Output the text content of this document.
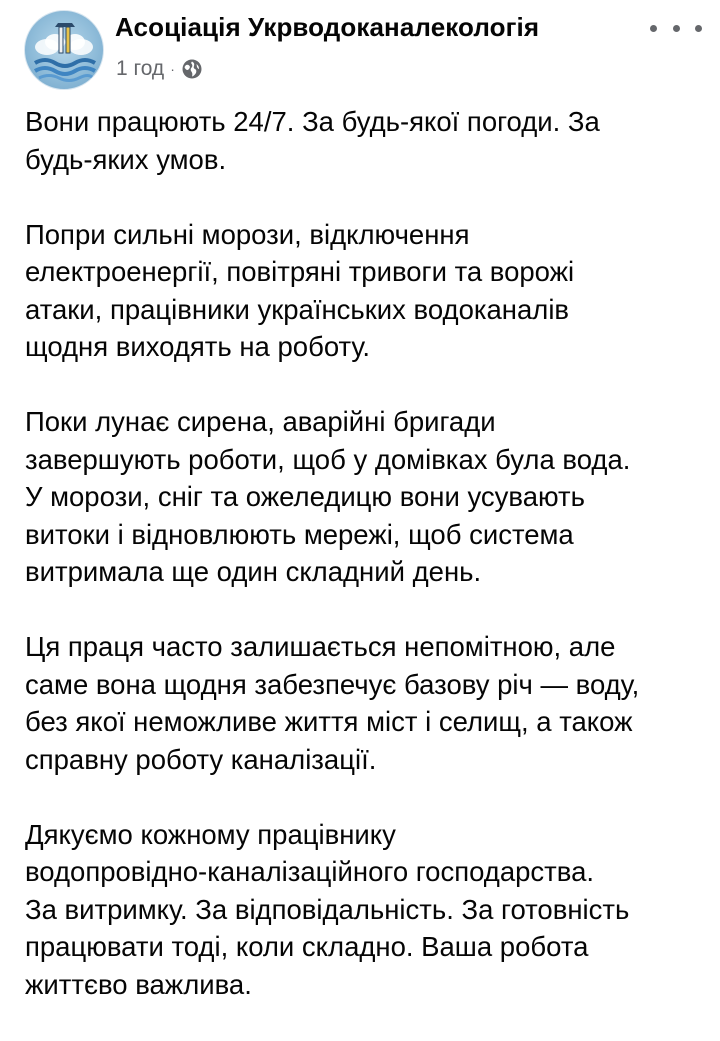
Асоціація Укрводоканалекологія
1 год ·

Вони працюють 24/7. За будь-якої погоди. За
будь-яких умов.

Попри сильні морози, відключення
електроенергії, повітряні тривоги та ворожі
атаки, працівники українських водоканалів
щодня виходять на роботу.

Поки лунає сирена, аварійні бригади
завершують роботи, щоб у домівках була вода.
У морози, сніг та ожеледицю вони усувають
витоки і відновлюють мережі, щоб система
витримала ще один складний день.

Ця праця часто залишається непомітною, але
саме вона щодня забезпечує базову річ — воду,
без якої неможливе життя міст і селищ, а також
справну роботу каналізації.

Дякуємо кожному працівнику
водопровідно-каналізаційного господарства.
За витримку. За відповідальність. За готовність
працювати тоді, коли складно. Ваша робота
життєво важлива.
